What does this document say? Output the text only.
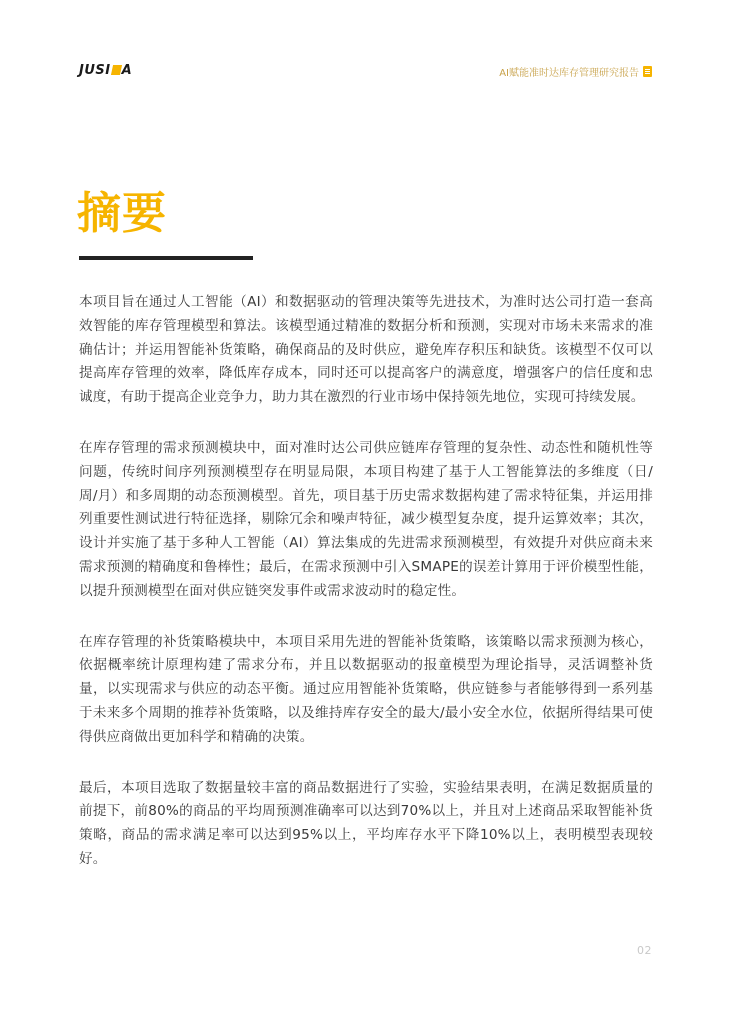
JUSI A	AI赋能准时达库存管理研究报告
摘要

本项目旨在通过人工智能（AI）和数据驱动的管理决策等先进技术，为准时达公司打造一套高效智能的库存管理模型和算法。该模型通过精准的数据分析和预测，实现对市场未来需求的准确估计；并运用智能补货策略，确保商品的及时供应，避免库存积压和缺货。该模型不仅可以提高库存管理的效率，降低库存成本，同时还可以提高客户的满意度，增强客户的信任度和忠诚度，有助于提高企业竞争力，助力其在激烈的行业市场中保持领先地位，实现可持续发展。

在库存管理的需求预测模块中，面对准时达公司供应链库存管理的复杂性、动态性和随机性等问题，传统时间序列预测模型存在明显局限，本项目构建了基于人工智能算法的多维度（日/周/月）和多周期的动态预测模型。首先，项目基于历史需求数据构建了需求特征集，并运用排列重要性测试进行特征选择，剔除冗余和噪声特征，减少模型复杂度，提升运算效率；其次，设计并实施了基于多种人工智能（AI）算法集成的先进需求预测模型，有效提升对供应商未来需求预测的精确度和鲁棒性；最后，在需求预测中引入SMAPE的误差计算用于评价模型性能，以提升预测模型在面对供应链突发事件或需求波动时的稳定性。

在库存管理的补货策略模块中，本项目采用先进的智能补货策略，该策略以需求预测为核心，依据概率统计原理构建了需求分布，并且以数据驱动的报童模型为理论指导，灵活调整补货量，以实现需求与供应的动态平衡。通过应用智能补货策略，供应链参与者能够得到一系列基于未来多个周期的推荐补货策略，以及维持库存安全的最大/最小安全水位，依据所得结果可使得供应商做出更加科学和精确的决策。

最后，本项目选取了数据量较丰富的商品数据进行了实验，实验结果表明，在满足数据质量的前提下，前80%的商品的平均周预测准确率可以达到70%以上，并且对上述商品采取智能补货策略，商品的需求满足率可以达到95%以上，平均库存水平下降10%以上，表明模型表现较好。

02
